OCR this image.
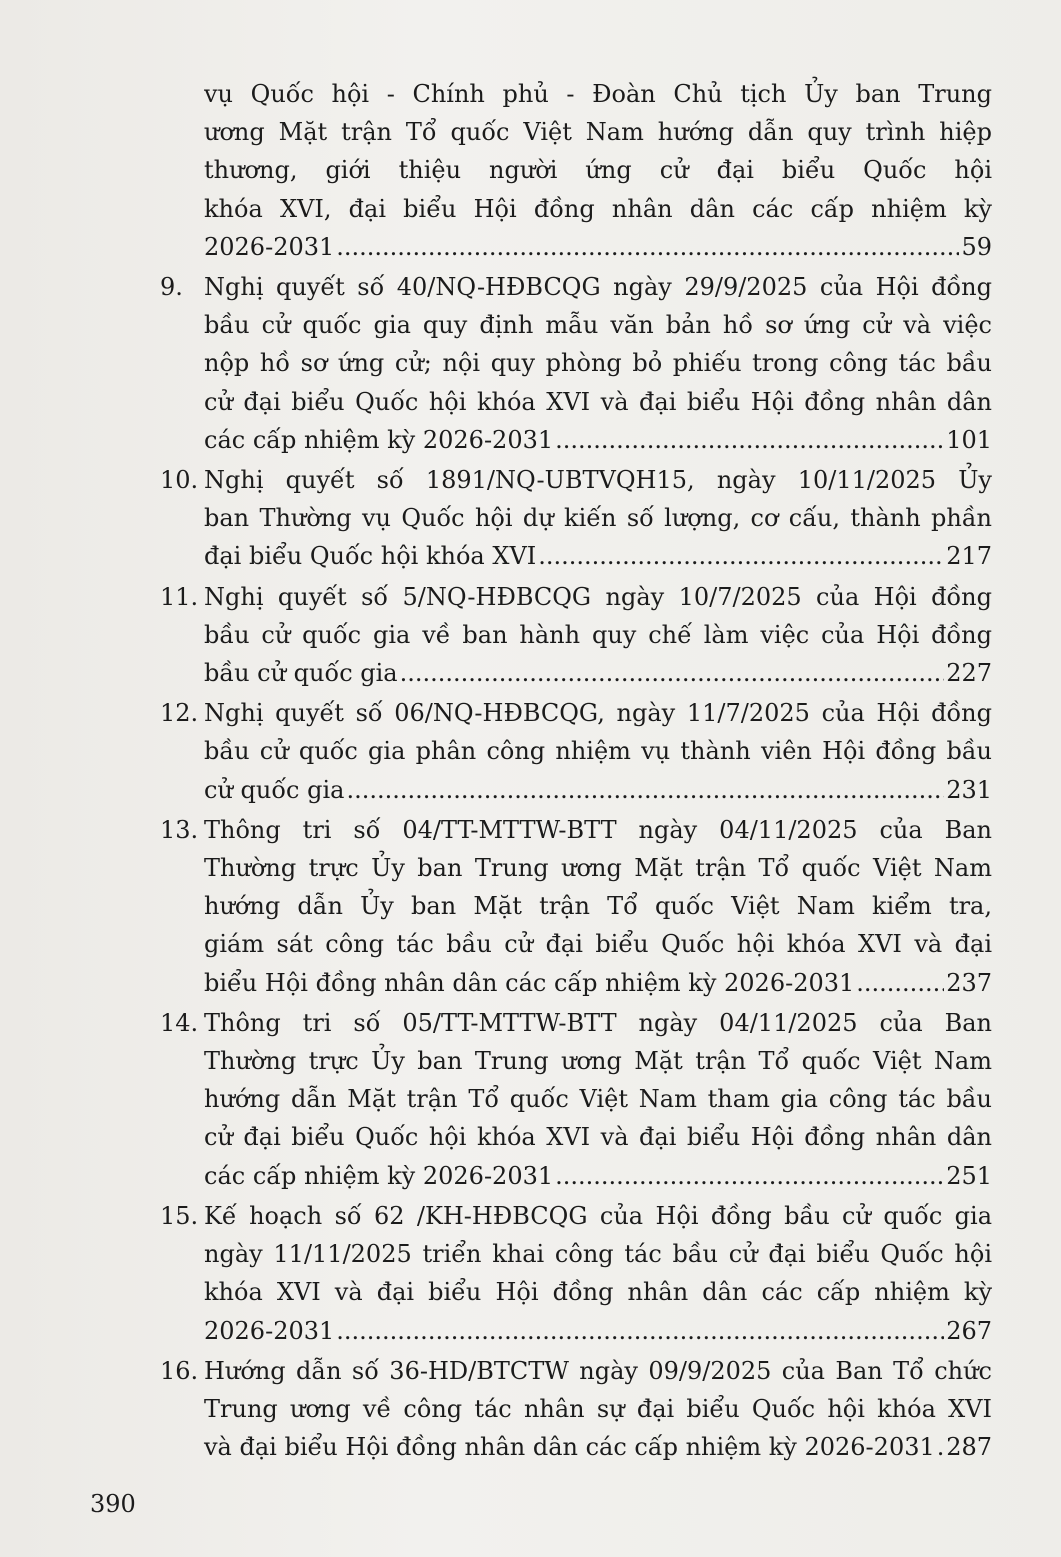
vụ Quốc hội - Chính phủ - Đoàn Chủ tịch Ủy ban Trung
ương Mặt trận Tổ quốc Việt Nam hướng dẫn quy trình hiệp
thương, giới thiệu người ứng cử đại biểu Quốc hội
khóa XVI, đại biểu Hội đồng nhân dân các cấp nhiệm kỳ
2026-2031 .....	59
9. Nghị quyết số 40/NQ-HĐBCQG ngày 29/9/2025 của Hội đồng
bầu cử quốc gia quy định mẫu văn bản hồ sơ ứng cử và việc
nộp hồ sơ ứng cử; nội quy phòng bỏ phiếu trong công tác bầu
cử đại biểu Quốc hội khóa XVI và đại biểu Hội đồng nhân dân
các cấp nhiệm kỳ 2026-2031 .....	101
10. Nghị quyết số 1891/NQ-UBTVQH15, ngày 10/11/2025 Ủy
ban Thường vụ Quốc hội dự kiến số lượng, cơ cấu, thành phần
đại biểu Quốc hội khóa XVI .....	217
11. Nghị quyết số 5/NQ-HĐBCQG ngày 10/7/2025 của Hội đồng
bầu cử quốc gia về ban hành quy chế làm việc của Hội đồng
bầu cử quốc gia .....	227
12. Nghị quyết số 06/NQ-HĐBCQG, ngày 11/7/2025 của Hội đồng
bầu cử quốc gia phân công nhiệm vụ thành viên Hội đồng bầu
cử quốc gia .....	231
13. Thông tri số 04/TT-MTTW-BTT ngày 04/11/2025 của Ban
Thường trực Ủy ban Trung ương Mặt trận Tổ quốc Việt Nam
hướng dẫn Ủy ban Mặt trận Tổ quốc Việt Nam kiểm tra,
giám sát công tác bầu cử đại biểu Quốc hội khóa XVI và đại
biểu Hội đồng nhân dân các cấp nhiệm kỳ 2026-2031 .....	237
14. Thông tri số 05/TT-MTTW-BTT ngày 04/11/2025 của Ban
Thường trực Ủy ban Trung ương Mặt trận Tổ quốc Việt Nam
hướng dẫn Mặt trận Tổ quốc Việt Nam tham gia công tác bầu
cử đại biểu Quốc hội khóa XVI và đại biểu Hội đồng nhân dân
các cấp nhiệm kỳ 2026-2031 .....	251
15. Kế hoạch số 62 /KH-HĐBCQG của Hội đồng bầu cử quốc gia
ngày 11/11/2025 triển khai công tác bầu cử đại biểu Quốc hội
khóa XVI và đại biểu Hội đồng nhân dân các cấp nhiệm kỳ
2026-2031 .....	267
16. Hướng dẫn số 36-HD/BTCTW ngày 09/9/2025 của Ban Tổ chức
Trung ương về công tác nhân sự đại biểu Quốc hội khóa XVI
và đại biểu Hội đồng nhân dân các cấp nhiệm kỳ 2026-2031 ..... 287
390
